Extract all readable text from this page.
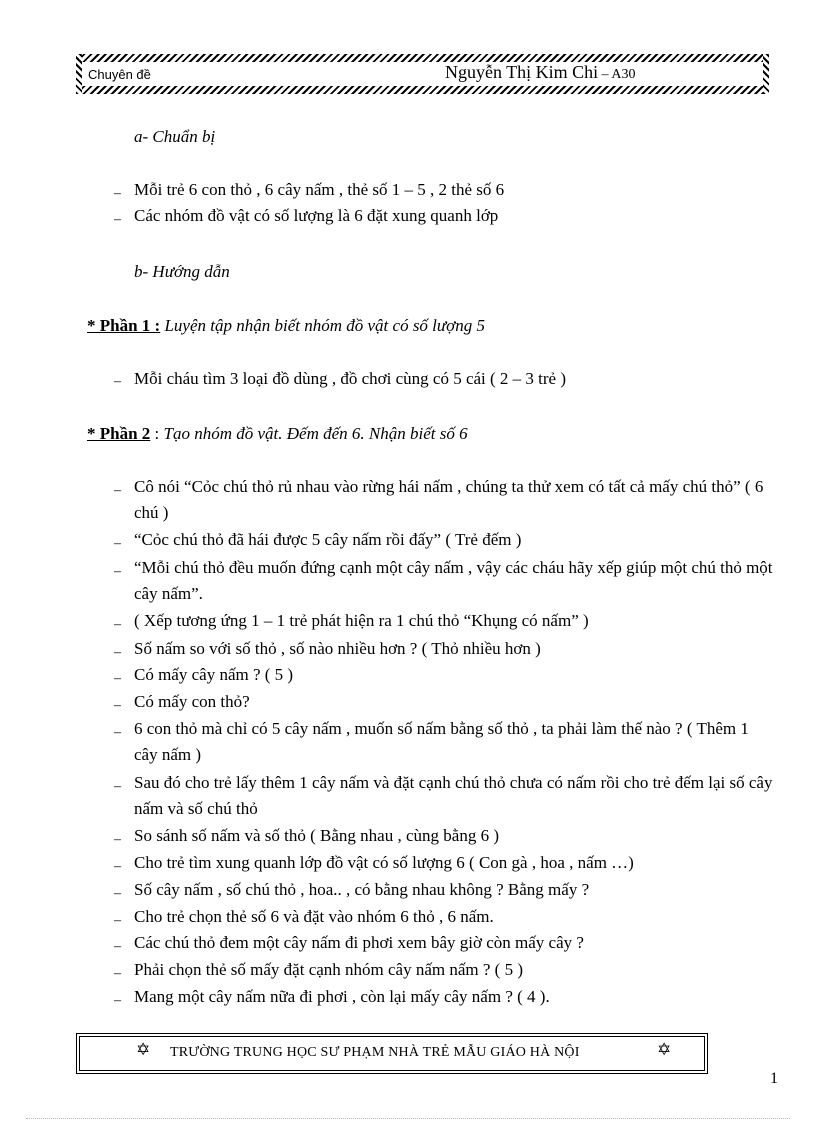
Chuyên đề	Nguyễn Thị Kim Chi – A30
a- Chuẩn bị
– Mỗi trẻ 6 con thỏ , 6 cây nấm , thẻ số 1 – 5 , 2 thẻ số 6
– Các nhóm đồ vật có số lượng là 6 đặt xung quanh lớp
b- Hướng dẫn
* Phần 1 : Luyện tập nhận biết nhóm đồ vật có số lượng 5
– Mỗi cháu tìm 3 loại đồ dùng , đồ chơi cùng có 5 cái ( 2 – 3 trẻ )
* Phần 2 : Tạo nhóm đồ vật. Đếm đến 6. Nhận biết số 6
– Cô nói “Cỏc chú thỏ rủ nhau vào rừng hái nấm , chúng ta thử xem có tất cả mấy chú thỏ” ( 6 chú )
– “Cỏc chú thỏ đã hái được 5 cây nấm rồi đấy” ( Trẻ đếm )
– “Mỗi chú thỏ đều muốn đứng cạnh một cây nấm , vậy các cháu hãy xếp giúp một chú thỏ một cây nấm”.
– ( Xếp tương ứng 1 – 1 trẻ phát hiện ra 1 chú thỏ “Khụng có nấm” )
– Số nấm so với số thỏ , số nào nhiều hơn ? ( Thỏ nhiều hơn )
– Có mấy cây nấm ? ( 5 )
– Có mấy con thỏ?
– 6 con thỏ mà chỉ có 5 cây nấm , muốn số nấm bằng số thỏ , ta phải làm thế nào ? ( Thêm 1 cây nấm )
– Sau đó cho trẻ lấy thêm 1 cây nấm và đặt cạnh chú thỏ chưa có nấm rồi cho trẻ đếm lại số cây nấm và số chú thỏ
– So sánh số nấm và số thỏ ( Bằng nhau , cùng bằng 6 )
– Cho trẻ tìm xung quanh lớp đồ vật có số lượng 6 ( Con gà , hoa , nấm …)
– Số cây nấm , số chú thỏ , hoa.. , có bằng nhau không ? Bằng mấy ?
– Cho trẻ chọn thẻ số 6 và đặt vào nhóm 6 thỏ , 6 nấm.
– Các chú thỏ đem một cây nấm đi phơi xem bây giờ còn mấy cây ?
– Phải chọn thẻ số mấy đặt cạnh nhóm cây nấm nấm ? ( 5 )
– Mang một cây nấm nữa đi phơi , còn lại mấy cây nấm ? ( 4 ).
✡ TRƯỜNG TRUNG HỌC SƯ PHẠM NHÀ TRẺ MẪU GIÁO HÀ NỘI	✡
1
